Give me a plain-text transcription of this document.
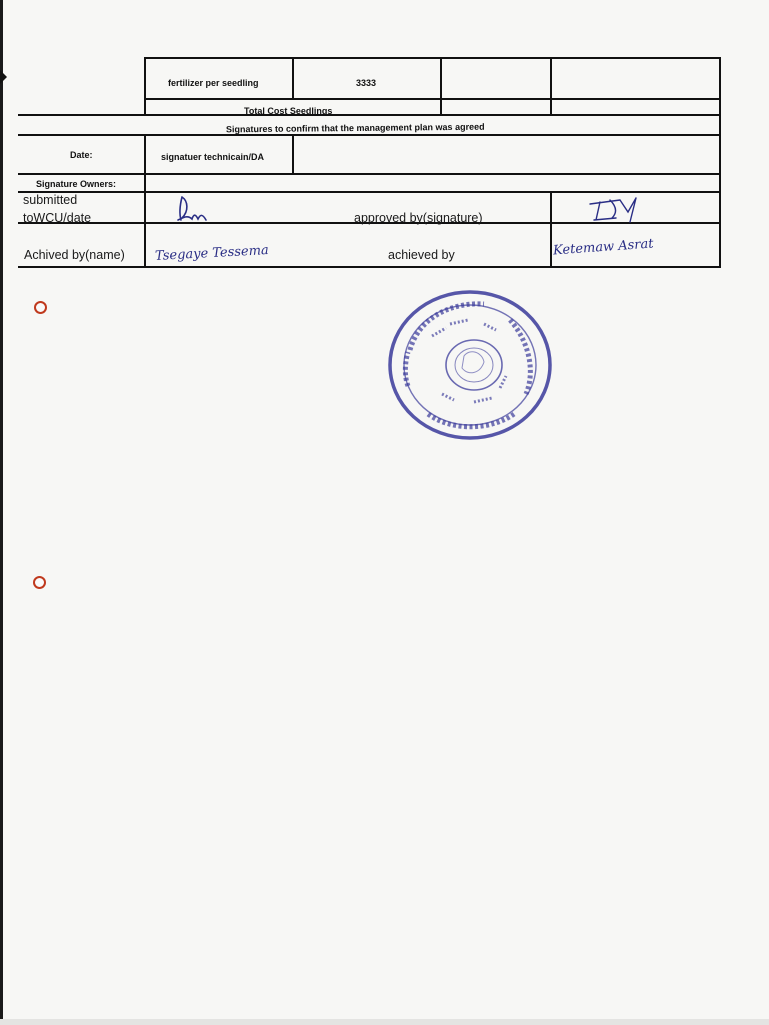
fertilizer per seedling	3333
Total Cost Seedlings
Signatures to confirm that the management plan was agreed
Date:	signatuer technicain/DA
Signature Owners:
submitted
toWCU/date	approved by(signature)
Achived by(name) Tsegaye Tessema	achieved by	Ketemaw Asrat
